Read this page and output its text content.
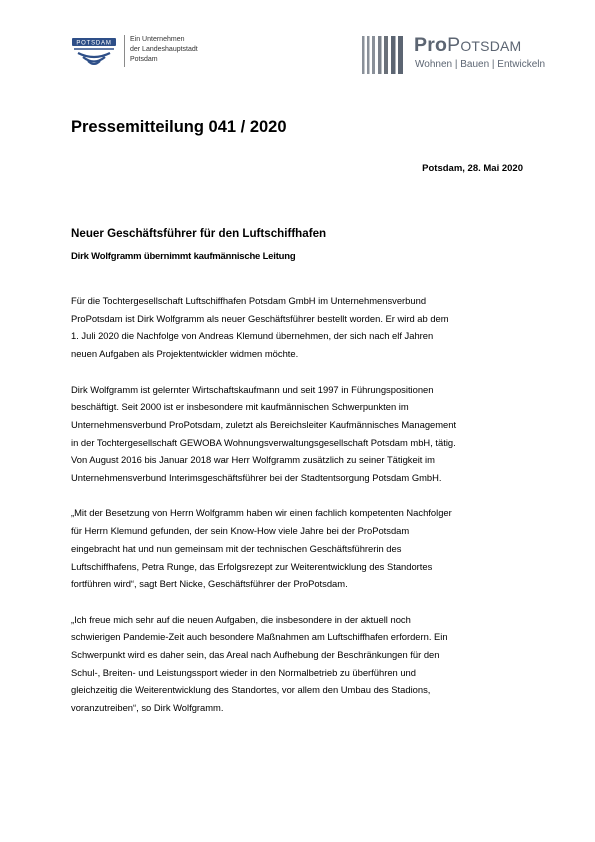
POTSDAM
Ein Unternehmen
der Landeshauptstadt
Potsdam
ProPotsdam
Wohnen | Bauen | Entwickeln
Pressemitteilung 041 / 2020
Potsdam, 28. Mai 2020
Neuer Geschäftsführer für den Luftschiffhafen
Dirk Wolfgramm übernimmt kaufmännische Leitung

Für die Tochtergesellschaft Luftschiffhafen Potsdam GmbH im Unternehmensverbund
ProPotsdam ist Dirk Wolfgramm als neuer Geschäftsführer bestellt worden. Er wird ab dem
1. Juli 2020 die Nachfolge von Andreas Klemund übernehmen, der sich nach elf Jahren
neuen Aufgaben als Projektentwickler widmen möchte.

Dirk Wolfgramm ist gelernter Wirtschaftskaufmann und seit 1997 in Führungspositionen
beschäftigt. Seit 2000 ist er insbesondere mit kaufmännischen Schwerpunkten im
Unternehmensverbund ProPotsdam, zuletzt als Bereichsleiter Kaufmännisches Management
in der Tochtergesellschaft GEWOBA Wohnungsverwaltungsgesellschaft Potsdam mbH, tätig.
Von August 2016 bis Januar 2018 war Herr Wolfgramm zusätzlich zu seiner Tätigkeit im
Unternehmensverbund Interimsgeschäftsführer bei der Stadtentsorgung Potsdam GmbH.

„Mit der Besetzung von Herrn Wolfgramm haben wir einen fachlich kompetenten Nachfolger
für Herrn Klemund gefunden, der sein Know-How viele Jahre bei der ProPotsdam
eingebracht hat und nun gemeinsam mit der technischen Geschäftsführerin des
Luftschiffhafens, Petra Runge, das Erfolgsrezept zur Weiterentwicklung des Standortes
fortführen wird“, sagt Bert Nicke, Geschäftsführer der ProPotsdam.

„Ich freue mich sehr auf die neuen Aufgaben, die insbesondere in der aktuell noch
schwierigen Pandemie-Zeit auch besondere Maßnahmen am Luftschiffhafen erfordern. Ein
Schwerpunkt wird es daher sein, das Areal nach Aufhebung der Beschränkungen für den
Schul-, Breiten- und Leistungssport wieder in den Normalbetrieb zu überführen und
gleichzeitig die Weiterentwicklung des Standortes, vor allem den Umbau des Stadions,
voranzutreiben“, so Dirk Wolfgramm.
